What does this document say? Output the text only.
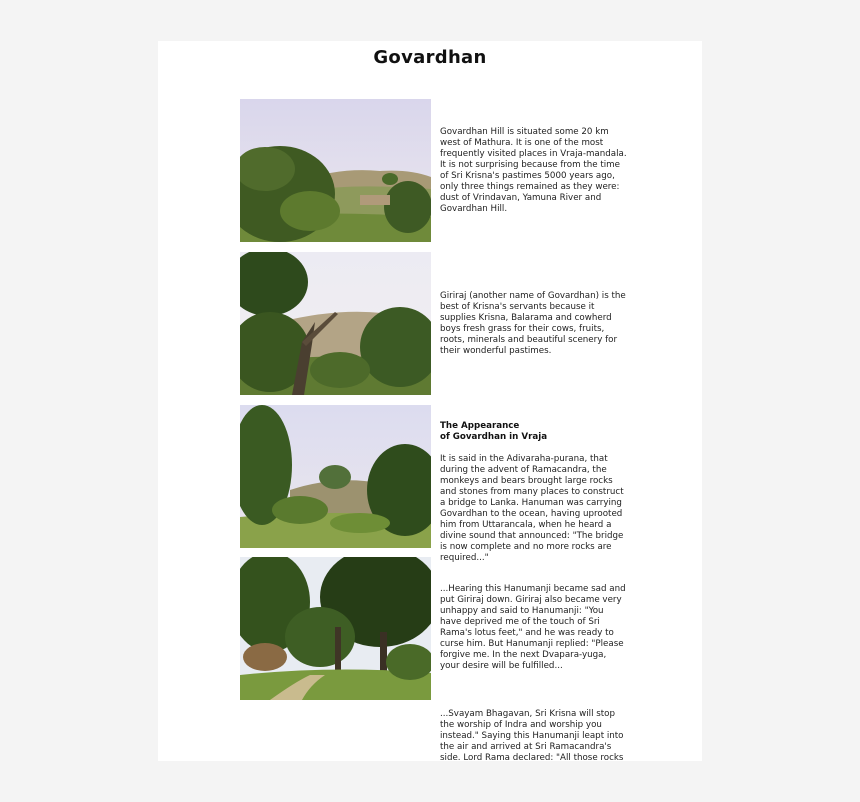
Govardhan
Govardhan Hill is situated some 20 km
west of Mathura. It is one of the most
frequently visited places in Vraja-mandala.
It is not surprising because from the time
of Sri Krisna's pastimes 5000 years ago,
only three things remained as they were:
dust of Vrindavan, Yamuna River and
Govardhan Hill.
Giriraj (another name of Govardhan) is the
best of Krisna's servants because it
supplies Krisna, Balarama and cowherd
boys fresh grass for their cows, fruits,
roots, minerals and beautiful scenery for
their wonderful pastimes.

The Appearance
of Govardhan in Vraja

It is said in the Adivaraha-purana, that
during the advent of Ramacandra, the
monkeys and bears brought large rocks
and stones from many places to construct
a bridge to Lanka. Hanuman was carrying
Govardhan to the ocean, having uprooted
him from Uttarancala, when he heard a
divine sound that announced: "The bridge
is now complete and no more rocks are
required..."

...Hearing this Hanumanji became sad and
put Giriraj down. Giriraj also became very
unhappy and said to Hanumanji: "You
have deprived me of the touch of Sri
Rama's lotus feet," and he was ready to
curse him. But Hanumanji replied: "Please
forgive me. In the next Dvapara-yuga,
your desire will be fulfilled...
...Svayam Bhagavan, Sri Krisna will stop
the worship of Indra and worship you
instead." Saying this Hanumanji leapt into
the air and arrived at Sri Ramacandra's
side. Lord Rama declared: "All those rocks
